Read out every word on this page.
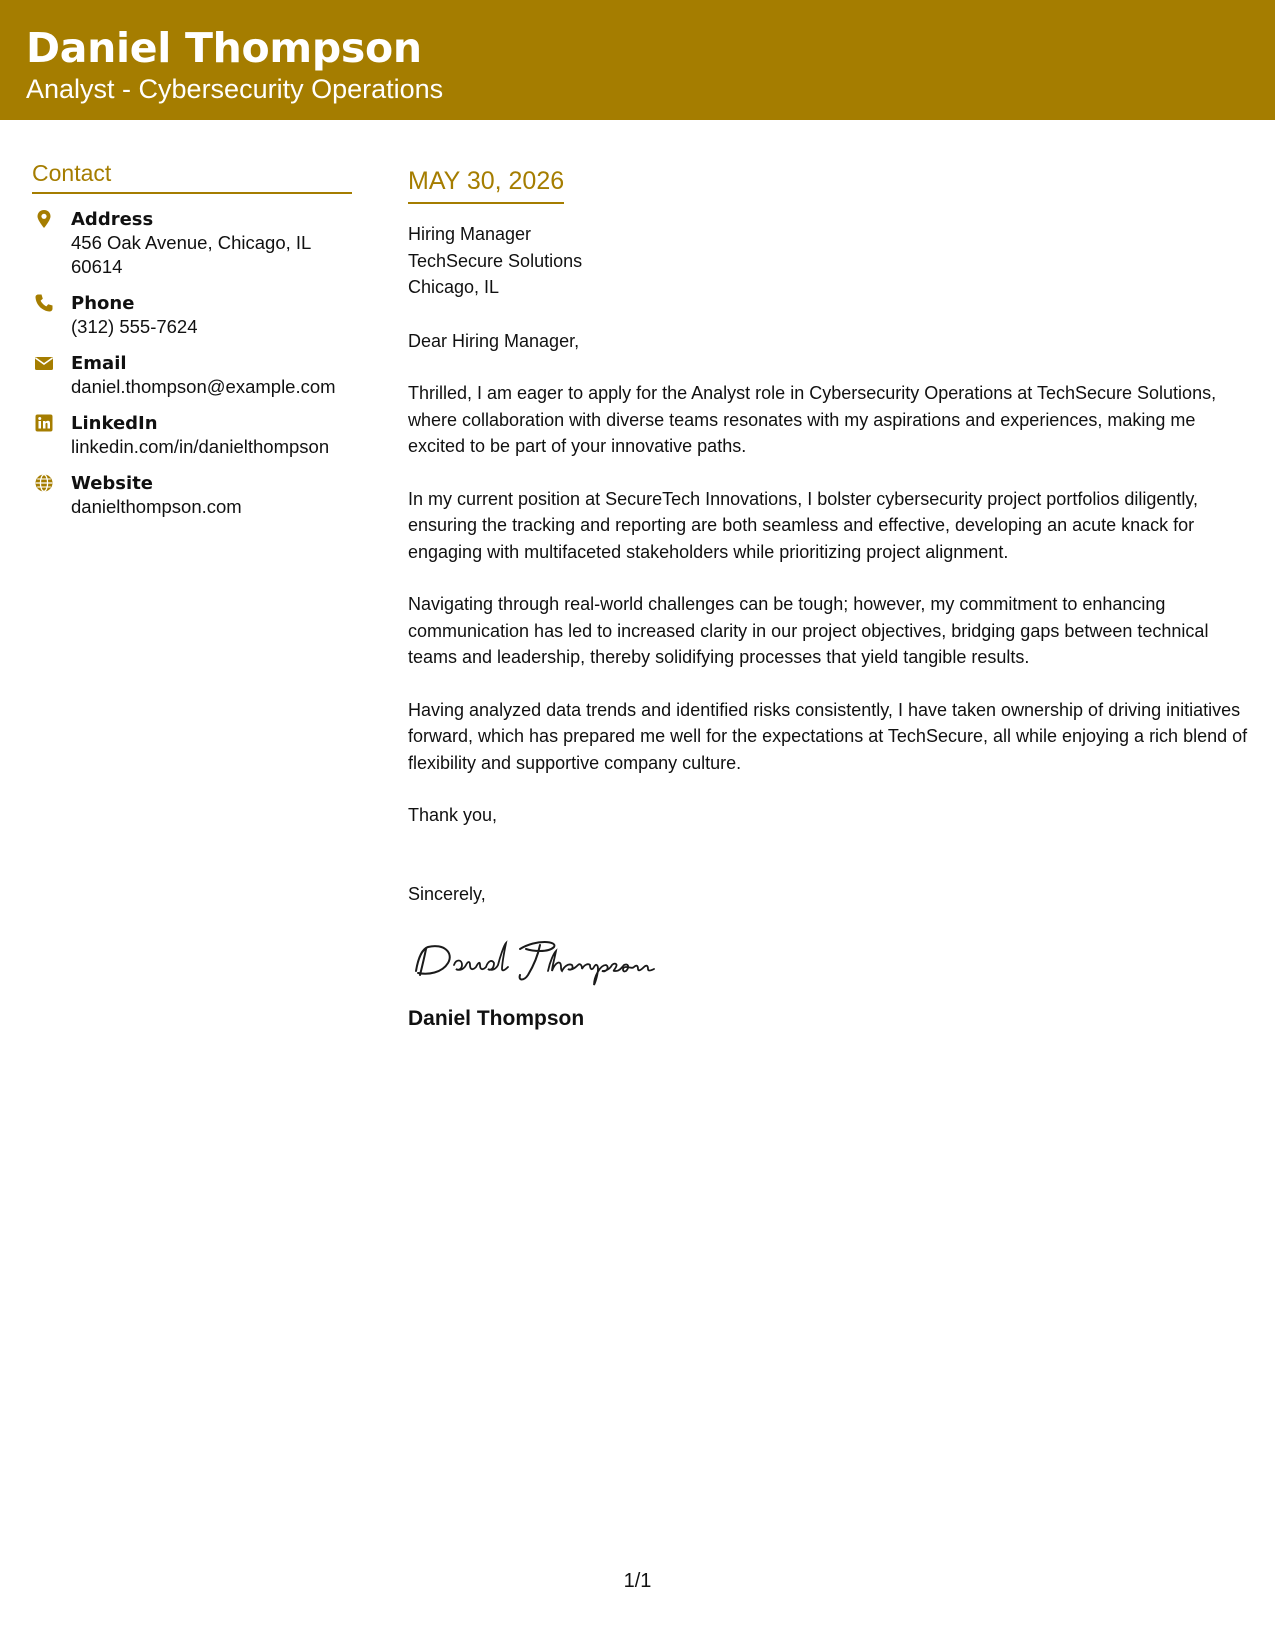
Daniel Thompson
Analyst - Cybersecurity Operations
Contact
Address
456 Oak Avenue, Chicago, IL 60614
Phone
(312) 555-7624
Email
daniel.thompson@example.com
LinkedIn
linkedin.com/in/danielthompson
Website
danielthompson.com
MAY 30, 2026
Hiring Manager
TechSecure Solutions
Chicago, IL

Dear Hiring Manager,

Thrilled, I am eager to apply for the Analyst role in Cybersecurity Operations at TechSecure Solutions, where collaboration with diverse teams resonates with my aspirations and experiences, making me excited to be part of your innovative paths.

In my current position at SecureTech Innovations, I bolster cybersecurity project portfolios diligently, ensuring the tracking and reporting are both seamless and effective, developing an acute knack for engaging with multifaceted stakeholders while prioritizing project alignment.

Navigating through real-world challenges can be tough; however, my commitment to enhancing communication has led to increased clarity in our project objectives, bridging gaps between technical teams and leadership, thereby solidifying processes that yield tangible results.

Having analyzed data trends and identified risks consistently, I have taken ownership of driving initiatives forward, which has prepared me well for the expectations at TechSecure, all while enjoying a rich blend of flexibility and supportive company culture.

Thank you,

Sincerely,

Daniel Thompson
1/1
